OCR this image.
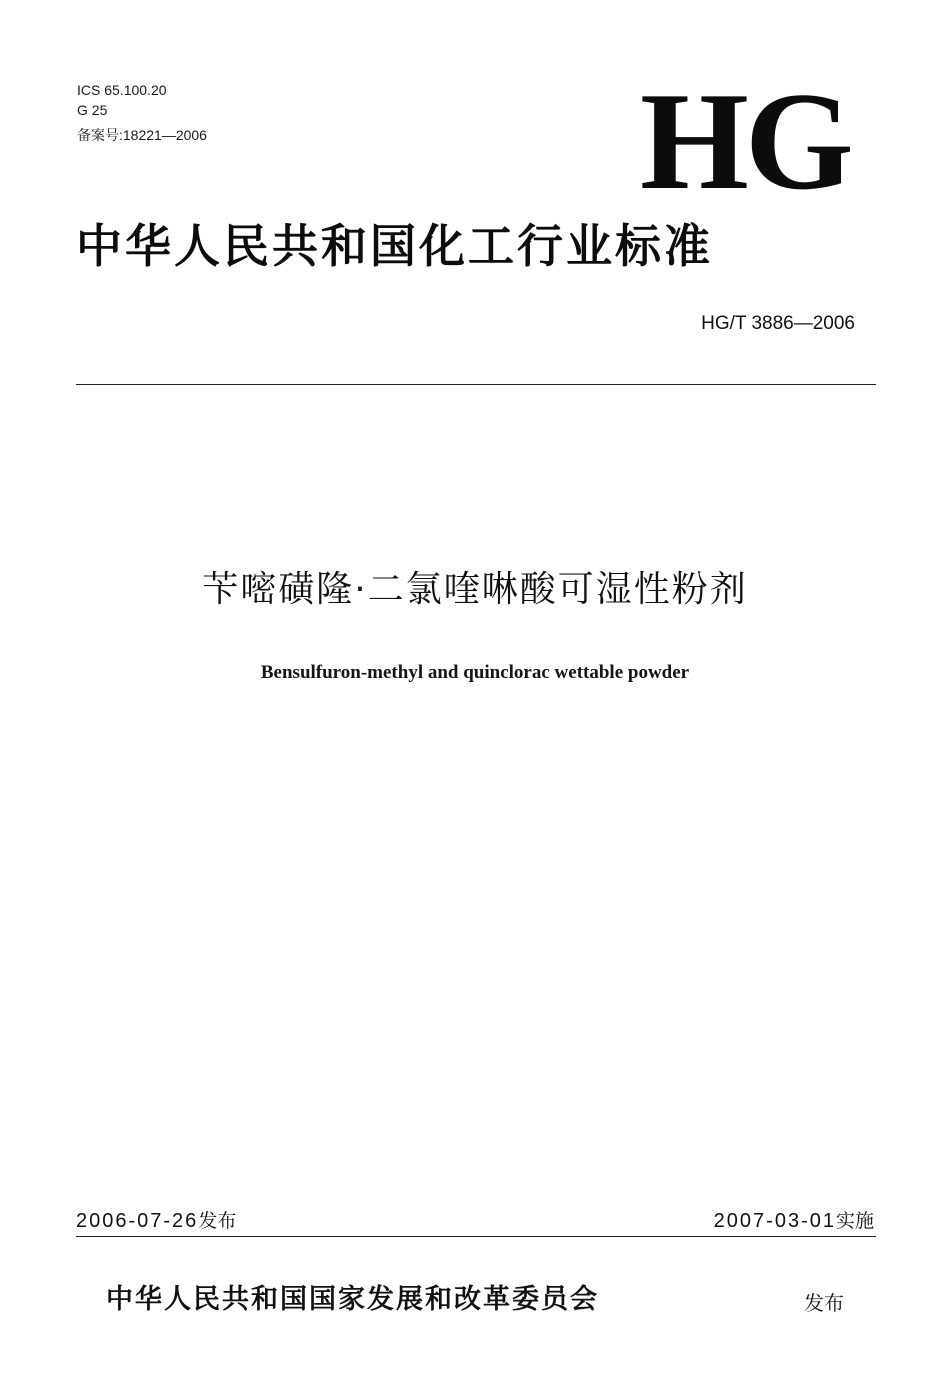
ICS 65.100.20
G 25
备案号:18221—2006	HG
中华人民共和国化工行业标准
HG/T 3886—2006
苄嘧磺隆·二氯喹啉酸可湿性粉剂
Bensulfuron-methyl and quinclorac wettable powder
2006-07-26发布	2007-03-01实施
中华人民共和国国家发展和改革委员会	发布
